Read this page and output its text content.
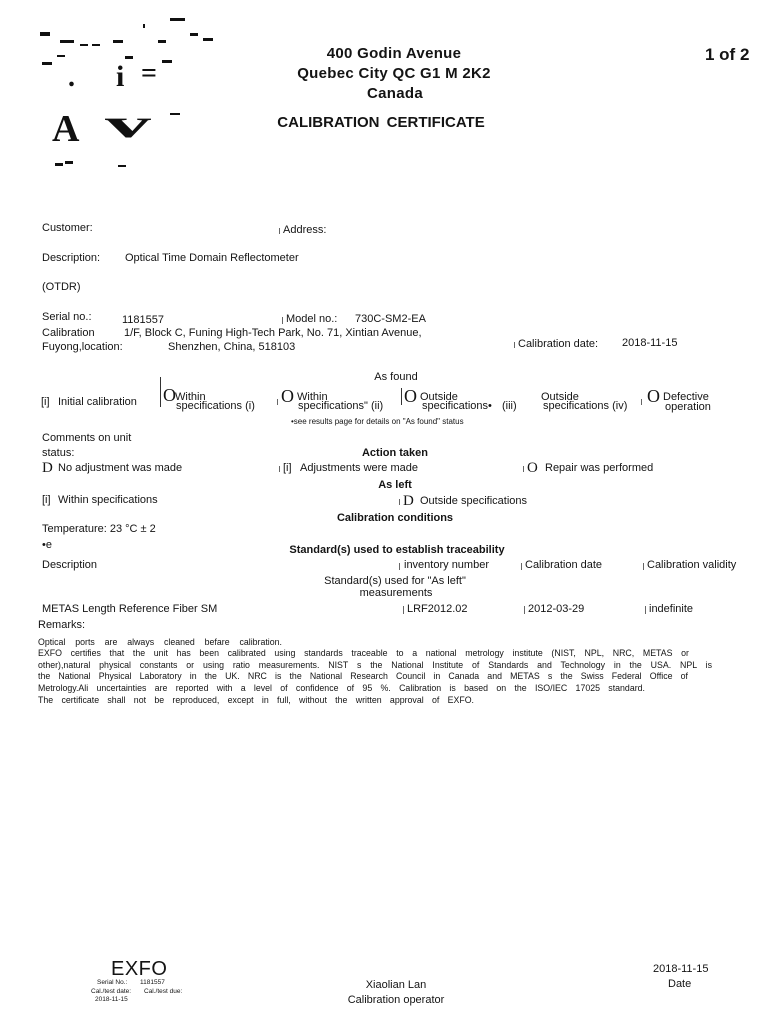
. i =
A v
400 Godin Avenue
Quebec City QC G1 M 2K2
Canada
CALIBRATION CERTIFICATE
1 of 2
Customer:	Address:
Description: Optical Time Domain Reflectometer
(OTDR)
Serial no.:	1181557	Model no.: 730C-SM2-EA
Calibration	1/F, Block C, Funing High-Tech Park, No. 71, Xintian Avenue,
Fuyong,location:	Shenzhen, China, 518103	Calibration date: 2018-11-15
As found
[i] Initial calibration O Within
specifications (i) O Within
specifications" (ii) O Outside
specifications• (iii)
Outside
specifications (iv) O Defective
operation
•see results page for details on "As found" status
Comments on unit
status:	Action taken
D No adjustment was made	[i] Adjustments were made	O Repair was performed
As left
[i] Within specifications	D Outside specifications
Calibration conditions
Temperature: 23 °C ± 2
•e	Standard(s) used to establish traceability
Description	inventory number	Calibration date	Calibration validity
Standard(s) used for "As left"
measurements
METAS Length Reference Fiber SM	LRF2012.02	2012-03-29	indefinite
Remarks:
Optical ports are always cleaned befare calibration.
EXFO certifies that the unit has been calibrated using standards traceable to a national metrology institute (NIST, NPL, NRC, METAS or
other),natural physical constants or using ratio measurements. NIST s the National Institute of Standards and Technology in the USA. NPL is
the National Physical Laboratory in the UK. NRC is the National Research Council in Canada and METAS s the Swiss Federal Office of
Metrology.Ali uncertainties are reported with a level of confidence of 95 %. Calibration is based on the ISO/IEC 17025 standard.
The certificate shall not be reproduced, except in full, without the written approval of EXFO.
EXFO
Serial No.: 1181557
Cal./test date: Cal./test due:
2018-11-15
Xiaolian Lan
Calibration operator
2018-11-15
Date
